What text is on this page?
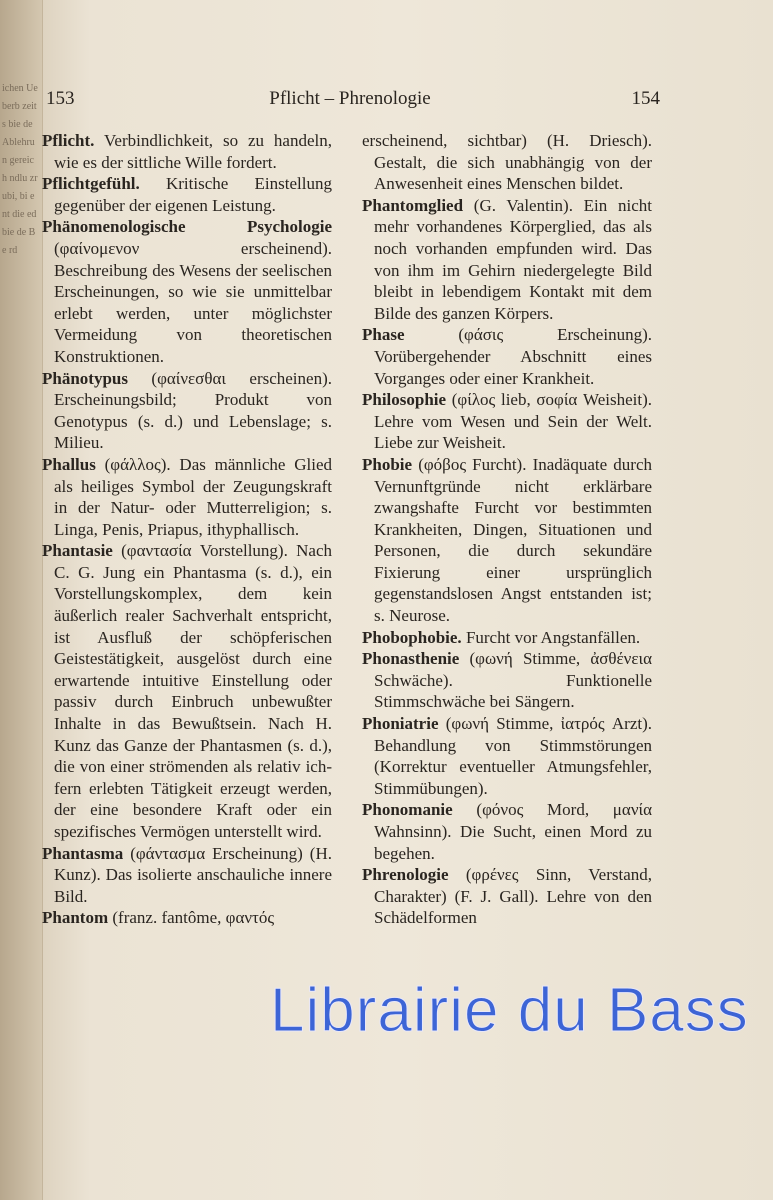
ichen Ueberb zeits bie de Ablehrun gereich ndlu zrubi, bi ent die ed bie de Be rd
153	Pflicht – Phrenologie	154

Pflicht. Verbindlichkeit, so zu handeln, wie es der sittliche Wille fordert.

Pflichtgefühl. Kritische Einstellung gegenüber der eigenen Leistung.

Phänomenologische Psychologie (φαίνομενον erscheinend). Beschreibung des Wesens der seelischen Erscheinungen, so wie sie unmittelbar erlebt werden, unter möglichster Vermeidung von theoretischen Konstruktionen.

Phänotypus (φαίνεσθαι erscheinen). Erscheinungsbild; Produkt von Genotypus (s. d.) und Lebenslage; s. Milieu.

Phallus (φάλλος). Das männliche Glied als heiliges Symbol der Zeugungskraft in der Natur- oder Mutterreligion; s. Linga, Penis, Priapus, ithyphallisch.

Phantasie (φαντασία Vorstellung). Nach C. G. Jung ein Phantasma (s. d.), ein Vorstellungskomplex, dem kein äußerlich realer Sachverhalt entspricht, ist Ausfluß der schöpferischen Geistestätigkeit, ausgelöst durch eine erwartende intuitive Einstellung oder passiv durch Einbruch unbewußter Inhalte in das Bewußtsein. Nach H. Kunz das Ganze der Phantasmen (s. d.), die von einer strömenden als relativ ich-fern erlebten Tätigkeit erzeugt werden, der eine besondere Kraft oder ein spezifisches Vermögen unterstellt wird.

Phantasma (φάντασμα Erscheinung) (H. Kunz). Das isolierte anschauliche innere Bild.

Phantom (franz. fantôme, φαντός

erscheinend, sichtbar) (H. Driesch). Gestalt, die sich unabhängig von der Anwesenheit eines Menschen bildet.

Phantomglied (G. Valentin). Ein nicht mehr vorhandenes Körperglied, das als noch vorhanden empfunden wird. Das von ihm im Gehirn niedergelegte Bild bleibt in lebendigem Kontakt mit dem Bilde des ganzen Körpers.

Phase (φάσις Erscheinung). Vorübergehender Abschnitt eines Vorganges oder einer Krankheit.

Philosophie (φίλος lieb, σοφία Weisheit). Lehre vom Wesen und Sein der Welt. Liebe zur Weisheit.

Phobie (φόβος Furcht). Inadäquate durch Vernunftgründe nicht erklärbare zwangshafte Furcht vor bestimmten Krankheiten, Dingen, Situationen und Personen, die durch sekundäre Fixierung einer ursprünglich gegenstandslosen Angst entstanden ist; s. Neurose.

Phobophobie. Furcht vor Angstanfällen.

Phonasthenie (φωνή Stimme, ἀσθένεια Schwäche). Funktionelle Stimmschwäche bei Sängern.

Phoniatrie (φωνή Stimme, ἰατρός Arzt). Behandlung von Stimmstörungen (Korrektur eventueller Atmungsfehler, Stimmübungen).

Phonomanie (φόνος Mord, μανία Wahnsinn). Die Sucht, einen Mord zu begehen.

Phrenologie (φρένες Sinn, Verstand, Charakter) (F. J. Gall). Lehre von den Schädelformen

Librairie du Bass
